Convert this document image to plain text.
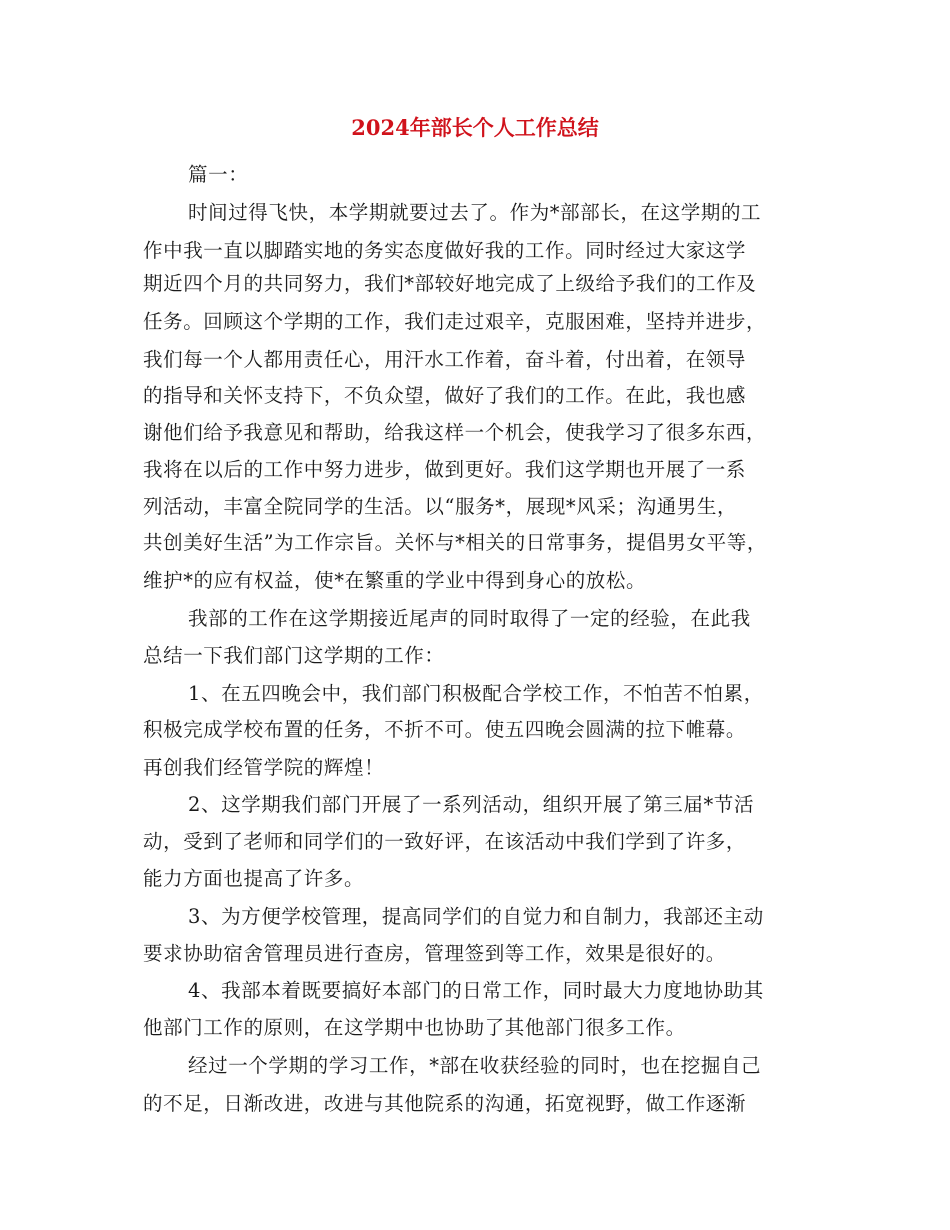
2024年部长个人工作总结

篇一：

时间过得飞快，本学期就要过去了。作为*部部长，在这学期的工

作中我一直以脚踏实地的务实态度做好我的工作。同时经过大家这学

期近四个月的共同努力，我们*部较好地完成了上级给予我们的工作及

任务。回顾这个学期的工作，我们走过艰辛，克服困难，坚持并进步，

我们每一个人都用责任心，用汗水工作着，奋斗着，付出着，在领导

的指导和关怀支持下，不负众望，做好了我们的工作。在此，我也感

谢他们给予我意见和帮助，给我这样一个机会，使我学习了很多东西，

我将在以后的工作中努力进步，做到更好。我们这学期也开展了一系

列活动，丰富全院同学的生活。以“服务*，展现*风采；沟通男生，

共创美好生活”为工作宗旨。关怀与*相关的日常事务，提倡男女平等，

维护*的应有权益，使*在繁重的学业中得到身心的放松。

我部的工作在这学期接近尾声的同时取得了一定的经验，在此我

总结一下我们部门这学期的工作：

1、在五四晚会中，我们部门积极配合学校工作，不怕苦不怕累，

积极完成学校布置的任务，不折不可。使五四晚会圆满的拉下帷幕。

再创我们经管学院的辉煌！

2、这学期我们部门开展了一系列活动，组织开展了第三届*节活

动，受到了老师和同学们的一致好评，在该活动中我们学到了许多，

能力方面也提高了许多。

3、为方便学校管理，提高同学们的自觉力和自制力，我部还主动

要求协助宿舍管理员进行查房，管理签到等工作，效果是很好的。

4、我部本着既要搞好本部门的日常工作，同时最大力度地协助其

他部门工作的原则，在这学期中也协助了其他部门很多工作。

经过一个学期的学习工作，*部在收获经验的同时，也在挖掘自己

的不足，日渐改进，改进与其他院系的沟通，拓宽视野，做工作逐渐
